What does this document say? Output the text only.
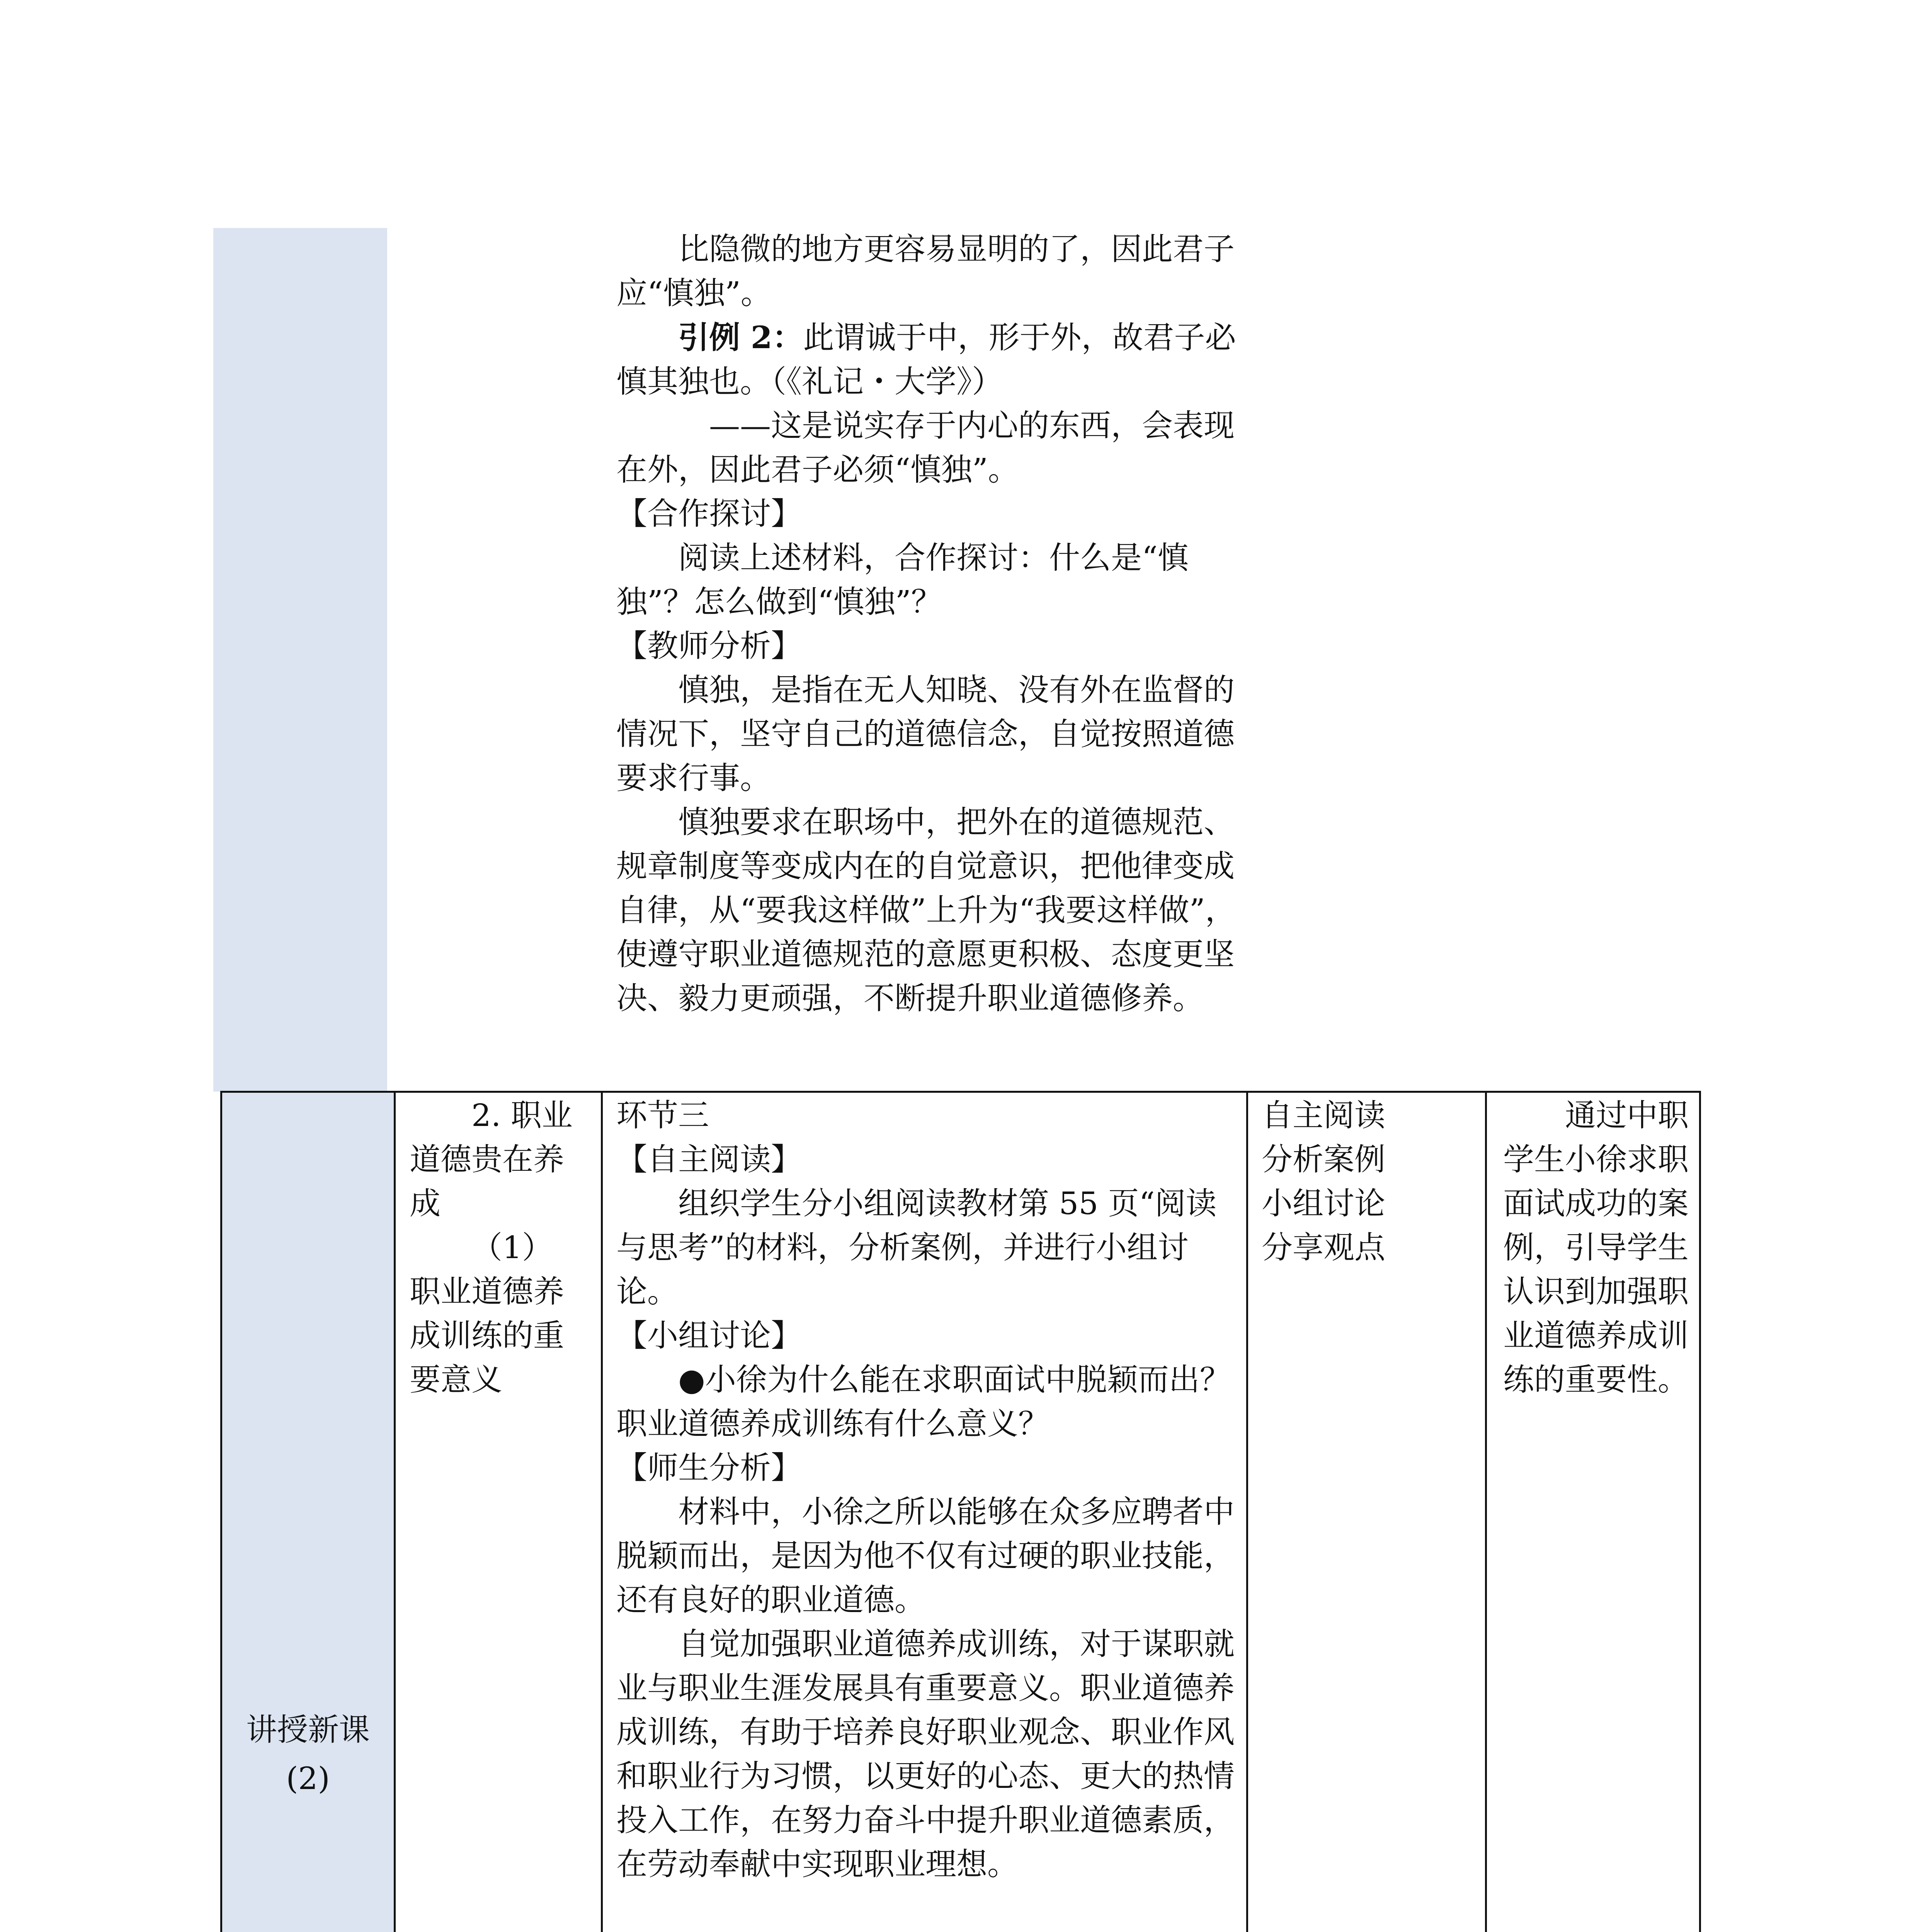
比隐微的地方更容易显明的了，因此君子应“慎独”。

引例 2：此谓诚于中，形于外，故君子必慎其独也。（《礼记・大学》）

——这是说实存于内心的东西，会表现在外，因此君子必须“慎独”。

【合作探讨】

阅读上述材料，合作探讨：什么是“慎独”？怎么做到“慎独”？

【教师分析】

慎独，是指在无人知晓、没有外在监督的情况下，坚守自己的道德信念，自觉按照道德要求行事。

慎独要求在职场中，把外在的道德规范、规章制度等变成内在的自觉意识，把他律变成自律，从“要我这样做”上升为“我要这样做”，使遵守职业道德规范的意愿更积极、态度更坚决、毅力更顽强，不断提升职业道德修养。

讲授新课
(2)

2. 职业道德贵在养成

（1）

职业道德养成训练的重要意义

环节三

【自主阅读】

组织学生分小组阅读教材第 55 页“阅读与思考”的材料，分析案例，并进行小组讨论。

【小组讨论】

●小徐为什么能在求职面试中脱颖而出？职业道德养成训练有什么意义？

【师生分析】

材料中，小徐之所以能够在众多应聘者中脱颖而出，是因为他不仅有过硬的职业技能，还有良好的职业道德。

自觉加强职业道德养成训练，对于谋职就业与职业生涯发展具有重要意义。职业道德养成训练，有助于培养良好职业观念、职业作风和职业行为习惯，以更好的心态、更大的热情投入工作，在努力奋斗中提升职业道德素质，在劳动奉献中实现职业理想。

自主阅读
分析案例
小组讨论
分享观点

通过中职学生小徐求职面试成功的案例，引导学生认识到加强职业道德养成训练的重要性。
